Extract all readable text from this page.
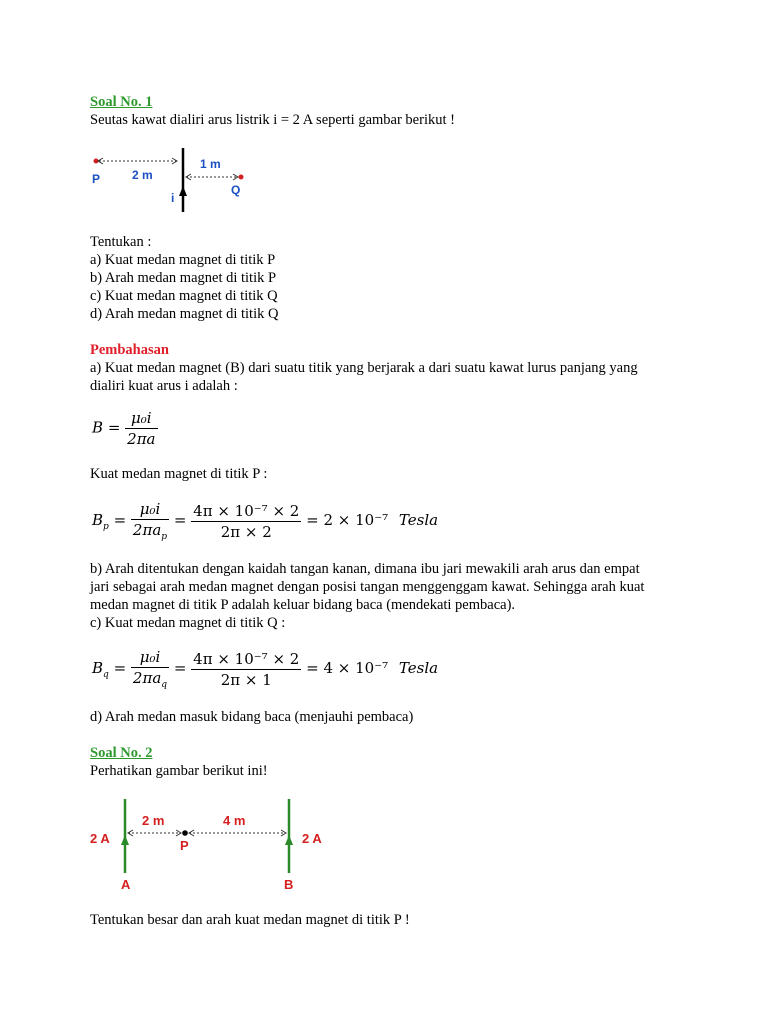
Soal No. 1
Seutas kawat dialiri arus listrik i = 2 A seperti gambar berikut !
P	2 m
1 m
Q
i
Tentukan :
a) Kuat medan magnet di titik P
b) Arah medan magnet di titik P
c) Kuat medan magnet di titik Q
d) Arah medan magnet di titik Q
Pembahasan
a) Kuat medan magnet (B) dari suatu titik yang berjarak a dari suatu kawat lurus panjang yang
dialiri kuat arus i adalah :
$B = \frac{\text{μ₀i}}{2\pi a}$
Kuat medan magnet di titik P :
$B_p = \frac{\text{μ₀i}}{2\pi a_p} = \frac{\text{4π × 10⁻⁷ × 2}}{2\pi \times 2} = 2 \times 10^{-7}$ Tesla
b) Arah ditentukan dengan kaidah tangan kanan, dimana ibu jari mewakili arah arus dan empat
jari sebagai arah medan magnet dengan posisi tangan menggenggam kawat. Sehingga arah kuat
medan magnet di titik P adalah keluar bidang baca (mendekati pembaca).
c) Kuat medan magnet di titik Q :
$B_q = \frac{\text{μ₀i}}{2\pi a_q} = \frac{\text{4π × 10⁻⁷ × 2}}{2\pi \times 1} = 4 \times 10^{-7}$ Tesla
d) Arah medan masuk bidang baca (menjauhi pembaca)
Soal No. 2
Perhatikan gambar berikut ini!
2 m	4 m
2 A	2 A
P
A	B
Tentukan besar dan arah kuat medan magnet di titik P !
